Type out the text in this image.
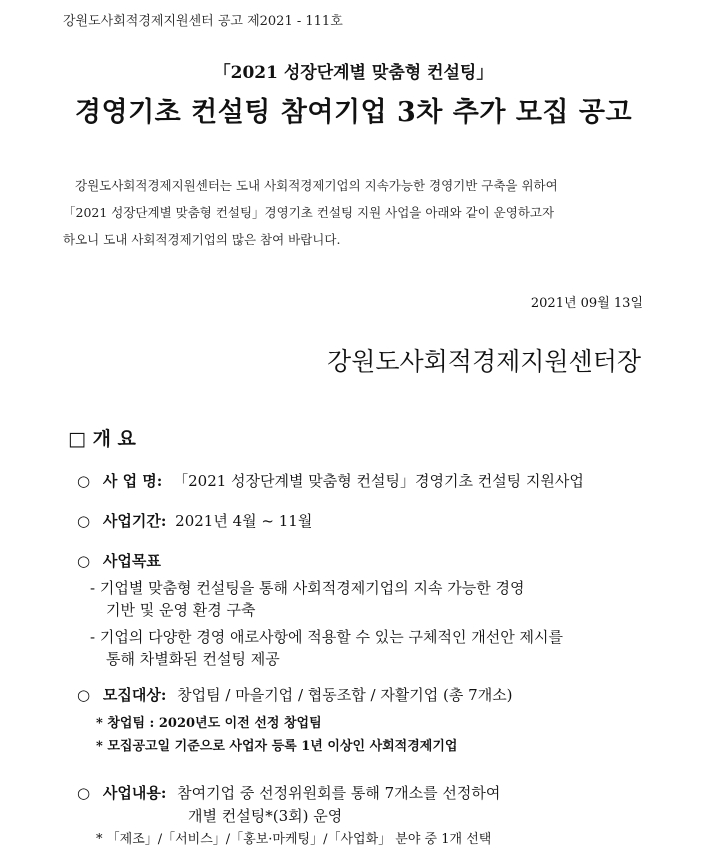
강원도사회적경제지원센터 공고 제2021 - 111호
「2021 성장단계별 맞춤형 컨설팅」
경영기초 컨설팅 참여기업 3차 추가 모집 공고
강원도사회적경제지원센터는 도내 사회적경제기업의 지속가능한 경영기반 구축을 위하여
「2021 성장단계별 맞춤형 컨설팅」경영기초 컨설팅 지원 사업을 아래와 같이 운영하고자
하오니 도내 사회적경제기업의 많은 참여 바랍니다.
2021년 09월 13일
강원도사회적경제지원센터장
□ 개 요
○ 사 업 명: 「2021 성장단계별 맞춤형 컨설팅」경영기초 컨설팅 지원사업
○ 사업기간: 2021년 4월 ~ 11월
○ 사업목표
- 기업별 맞춤형 컨설팅을 통해 사회적경제기업의 지속 가능한 경영
기반 및 운영 환경 구축
- 기업의 다양한 경영 애로사항에 적용할 수 있는 구체적인 개선안 제시를
통해 차별화된 컨설팅 제공
○ 모집대상: 창업팀 / 마을기업 / 협동조합 / 자활기업 (총 7개소)
* 창업팀 : 2020년도 이전 선정 창업팀
* 모집공고일 기준으로 사업자 등록 1년 이상인 사회적경제기업
○ 사업내용: 참여기업 중 선정위원회를 통해 7개소를 선정하여
개별 컨설팅*(3회) 운영
* 「제조」/「서비스」/「홍보·마케팅」/「사업화」 분야 중 1개 선택
